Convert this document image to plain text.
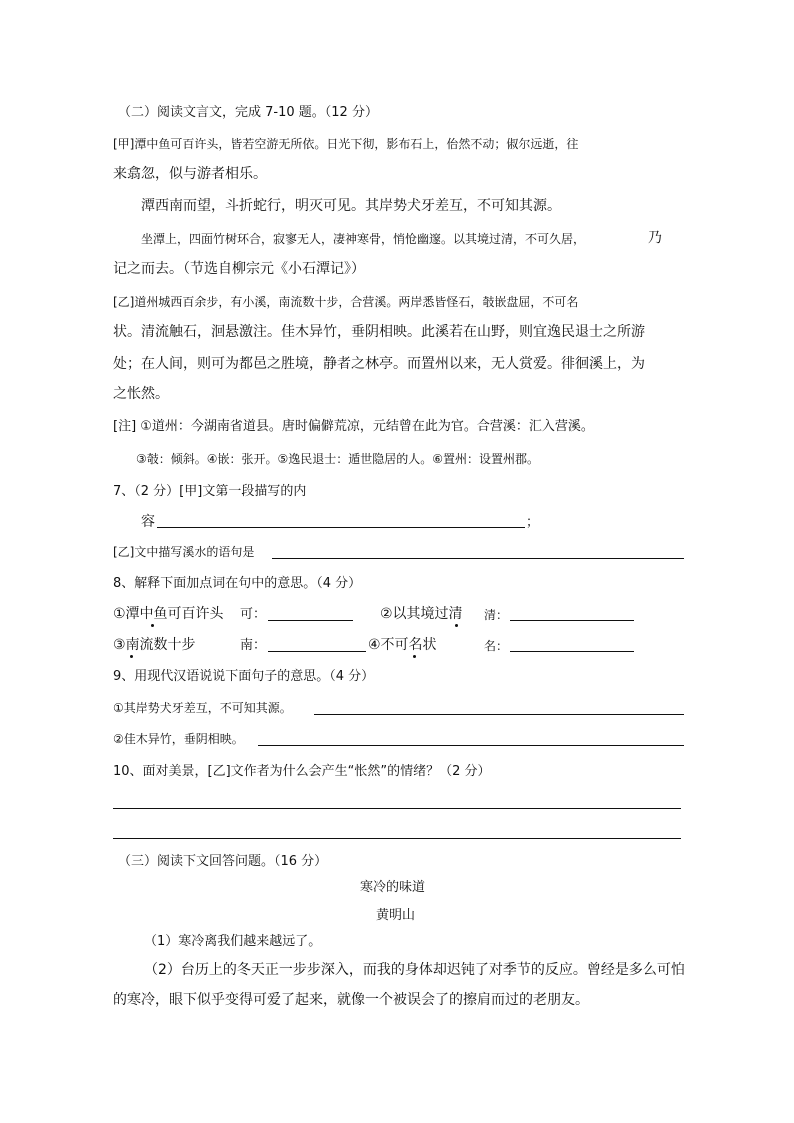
（二）阅读文言文，完成 7-10 题。（12 分）
[甲]潭中鱼可百许头，皆若空游无所依。日光下彻，影布石上，佁然不动；俶尔远逝，往
来翕忽，似与游者相乐。
潭西南而望，斗折蛇行，明灭可见。其岸势犬牙差互，不可知其源。
坐潭上，四面竹树环合，寂寥无人，凄神寒骨，悄怆幽邃。以其境过清，不可久居，	乃
记之而去。（节选自柳宗元《小石潭记》）
[乙]道州城西百余步，有小溪，南流数十步，合营溪。两岸悉皆怪石，攲嵌盘屈，不可名
状。清流触石，洄悬激注。佳木异竹，垂阴相映。此溪若在山野，则宜逸民退士之所游
处；在人间，则可为都邑之胜境，静者之林亭。而置州以来，无人赏爱。徘徊溪上，为
之怅然。
[注] ①道州：今湖南省道县。唐时偏僻荒凉，元结曾在此为官。合营溪：汇入营溪。
③攲：倾斜。④嵌：张开。⑤逸民退士：遁世隐居的人。⑥置州：设置州郡。
7、（2 分）[甲]文第一段描写的内
容	；
[乙]文中描写溪水的语句是
8、解释下面加点词在句中的意思。（4 分）
①潭中鱼可百许头 可：	②以其境过清 清：
③南流数十步	南：	④不可名状	名：
9、用现代汉语说说下面句子的意思。（4 分）
①其岸势犬牙差互，不可知其源。
②佳木异竹，垂阴相映。
10、面对美景，[乙]文作者为什么会产生“怅然”的情绪？（2 分）
（三）阅读下文回答问题。（16 分）
寒冷的味道
黄明山
（1）寒冷离我们越来越远了。
（2）台历上的冬天正一步步深入，而我的身体却迟钝了对季节的反应。曾经是多么可怕
的寒冷，眼下似乎变得可爱了起来，就像一个被误会了的擦肩而过的老朋友。
